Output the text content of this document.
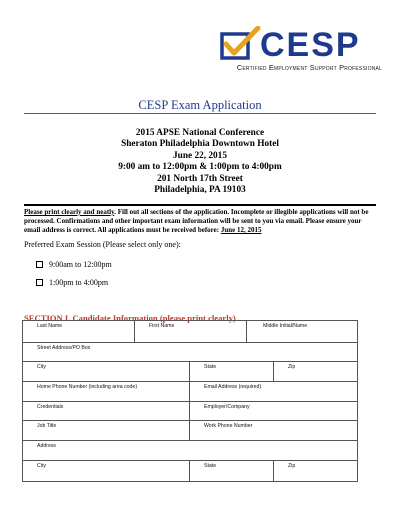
CESP
Certified Employment Support Professional
CESP Exam Application
2015 APSE National Conference
Sheraton Philadelphia Downtown Hotel
June 22, 2015
9:00 am to 12:00pm & 1:00pm to 4:00pm
201 North 17th Street
Philadelphia, PA 19103
Please print clearly and neatly. Fill out all sections of the application. Incomplete or illegible applications will not be processed. Confirmations and other important exam information will be sent to you via email. Please ensure your email address is correct. All applications must be received before: June 12, 2015
Preferred Exam Session (Please select only one):
9:00am to 12:00pm
1:00pm to 4:00pm
SECTION I. Candidate Information (please print clearly)
Last Name	First Name	Middle Initial/Name
Street Address/PO Box
City	State	Zip
Home Phone Number (including area code)	Email Address (required)
Credentials	Employer/Company
Job Title	Work Phone Number
Address
City	State	Zip
